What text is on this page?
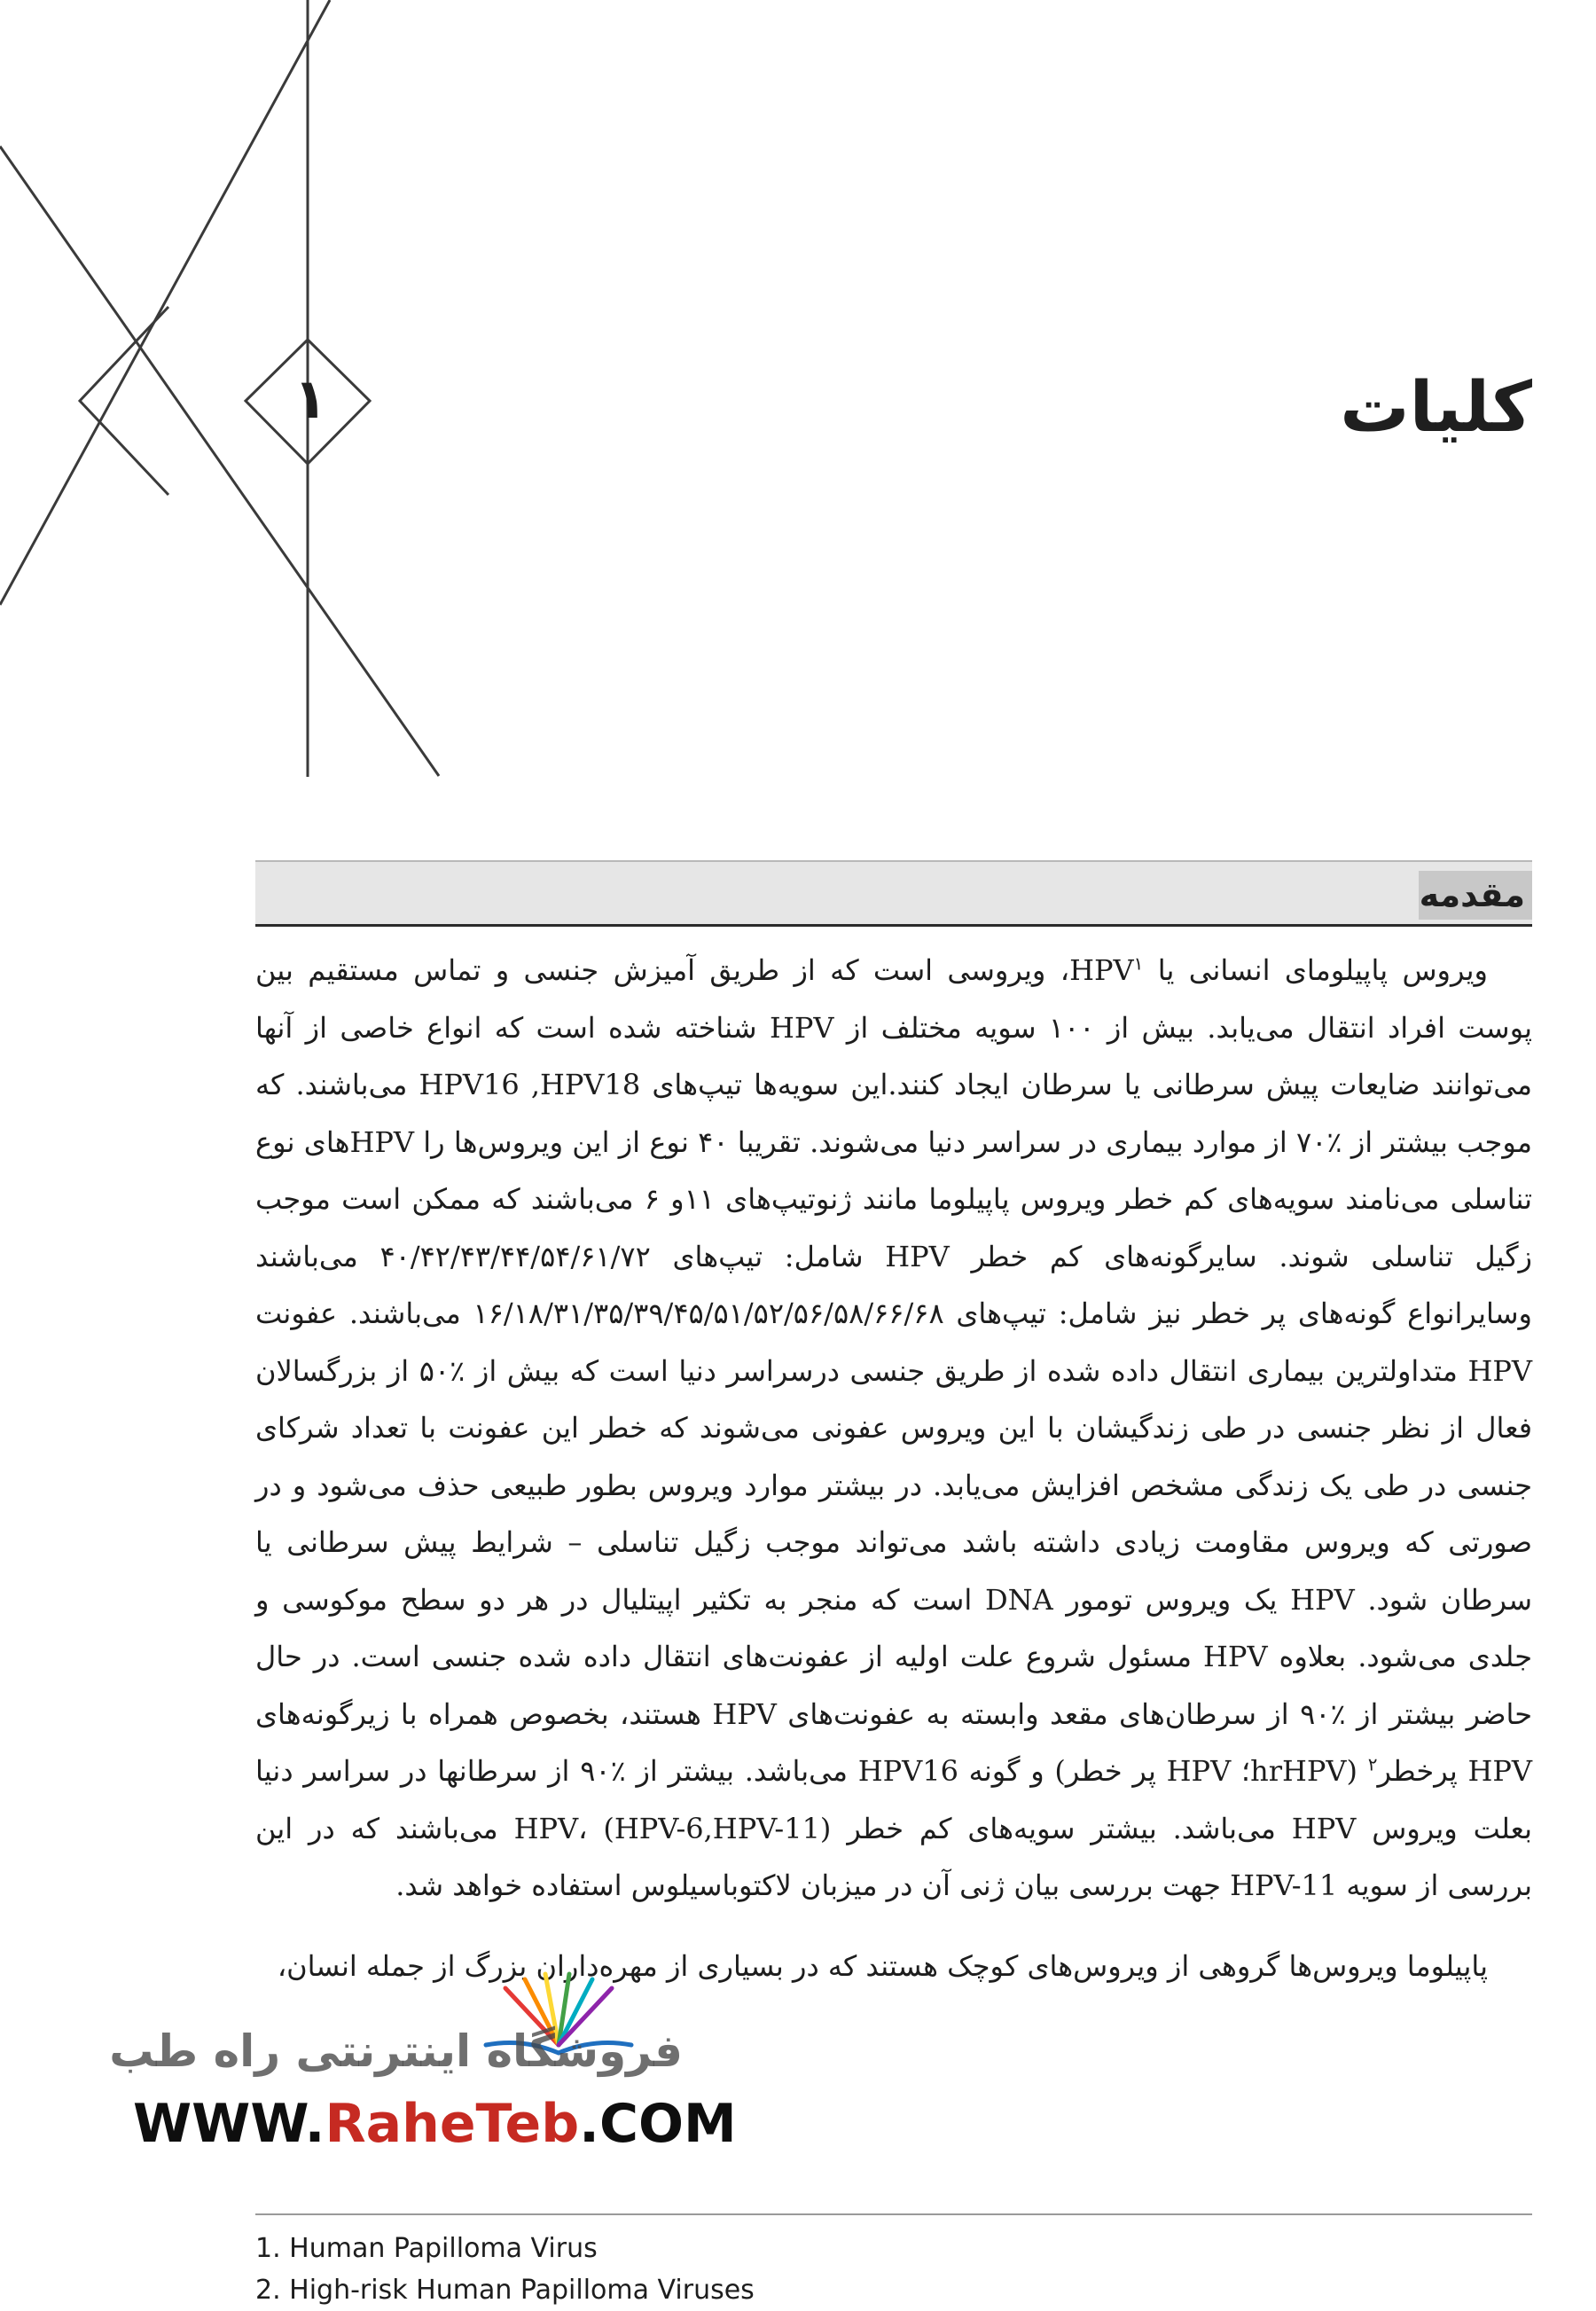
۱	کلیات
مقدمه

ویروس پاپیلومای انسانی یا HPV$^۱$، ویروسی است که از طریق آمیزش جنسی و تماس مستقیم بین پوست افراد انتقال می‌یابد. بیش از ۱۰۰ سویه مختلف از HPV شناخته شده است که انواع خاصی از آنها می‌توانند ضایعات پیش سرطانی یا سرطان ایجاد کنند.این سویه‌ها تیپ‌های HPV16 ,HPV18 می‌باشند. که موجب بیشتر از ٪۷۰ از موارد بیماری در سراسر دنیا می‌شوند. تقریبا ۴۰ نوع از این ویروس‌ها را HPVهای نوع تناسلی می‌نامند سویه‌های کم خطر ویروس پاپیلوما مانند ژنوتیپ‌های ۱۱و ۶ می‌باشند که ممکن است موجب زگیل تناسلی شوند. سایرگونه‌های کم خطر HPV شامل: تیپ‌های ۴۰/۴۲/۴۳/۴۴/۵۴/۶۱/۷۲ می‌باشند وسایرانواع گونه‌های پر خطر نیز شامل: تیپ‌های ۱۶/۱۸/۳۱/۳۵/۳۹/۴۵/۵۱/۵۲/۵۶/۵۸/۶۶/۶۸ می‌باشند. عفونت HPV متداولترین بیماری انتقال داده شده از طریق جنسی درسراسر دنیا است که بیش از ٪۵۰ از بزرگسالان فعال از نظر جنسی در طی زندگیشان با این ویروس عفونی می‌شوند که خطر این عفونت با تعداد شرکای جنسی در طی یک زندگی مشخص افزایش می‌یابد. در بیشتر موارد ویروس بطور طبیعی حذف می‌شود و در صورتی که ویروس مقاومت زیادی داشته باشد می‌تواند موجب زگیل تناسلی – شرایط پیش سرطانی یا سرطان شود. HPV یک ویروس تومور DNA است که منجر به تکثیر اپیتلیال در هر دو سطح موکوسی و جلدی می‌شود. بعلاوه HPV مسئول شروع علت اولیه از عفونت‌های انتقال داده شده جنسی است. در حال حاضر بیشتر از ٪۹۰ از سرطان‌های مقعد وابسته به عفونت‌های HPV هستند، بخصوص همراه با زیرگونه‌های HPV پرخطر$^۲$ (hrHPV؛ HPV پر خطر) و گونه HPV16 می‌باشد. بیشتر از ٪۹۰ از سرطانها در سراسر دنیا بعلت ویروس HPV می‌باشد. بیشتر سویه‌های کم خطر HPV، (HPV-6,HPV-11) می‌باشند که در این بررسی از سویه HPV-11 جهت بررسی بیان ژنی آن در میزبان لاکتوباسیلوس استفاده خواهد شد.

پاپیلوما ویروس‌ها گروهی از ویروس‌های کوچک هستند که در بسیاری از مهره‌داران بزرگ از جمله انسان،

1. Human Papilloma Virus
2. High-risk Human Papilloma Viruses
فروشگاه اینترنتی راه طب
WWW.RaheTeb.COM
